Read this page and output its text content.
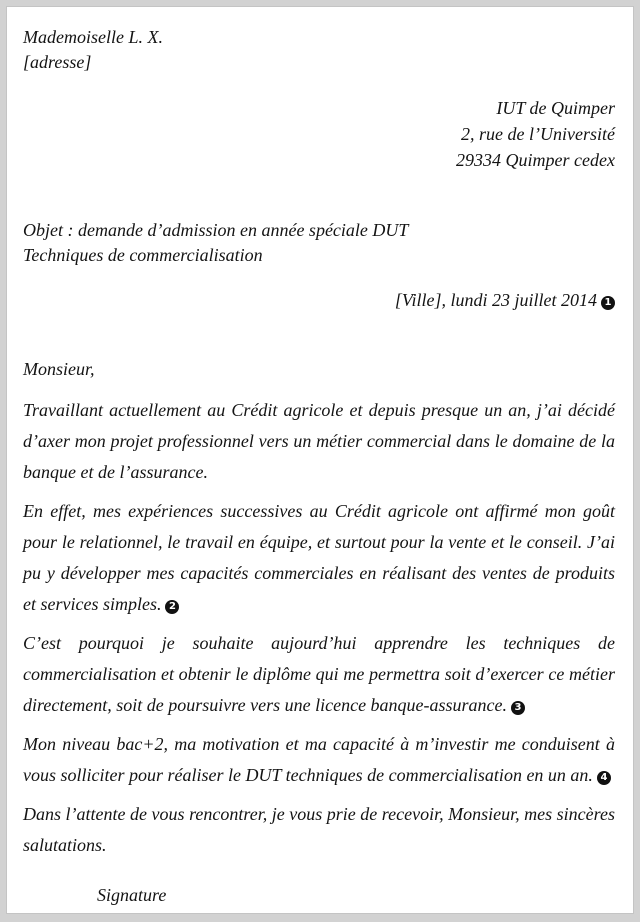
Mademoiselle L. X.
[adresse]
IUT de Quimper
2, rue de l’Université
29334 Quimper cedex
Objet : demande d’admission en année spéciale DUT
Techniques de commercialisation
[Ville], lundi 23 juillet 2014 1
Monsieur,

Travaillant actuellement au Crédit agricole et depuis presque un an, j’ai décidé d’axer mon projet professionnel vers un métier commercial dans le domaine de la banque et de l’assurance.

En effet, mes expériences successives au Crédit agricole ont affirmé mon goût pour le relationnel, le travail en équipe, et surtout pour la vente et le conseil. J’ai pu y développer mes capacités commerciales en réalisant des ventes de produits et services simples. 2

C’est pourquoi je souhaite aujourd’hui apprendre les techniques de commercialisation et obtenir le diplôme qui me permettra soit d’exercer ce métier directement, soit de poursuivre vers une licence banque-assurance. 3

Mon niveau bac+2, ma motivation et ma capacité à m’investir me conduisent à vous solliciter pour réaliser le DUT techniques de commercialisation en un an. 4

Dans l’attente de vous rencontrer, je vous prie de recevoir, Monsieur, mes sincères salutations.

Signature
